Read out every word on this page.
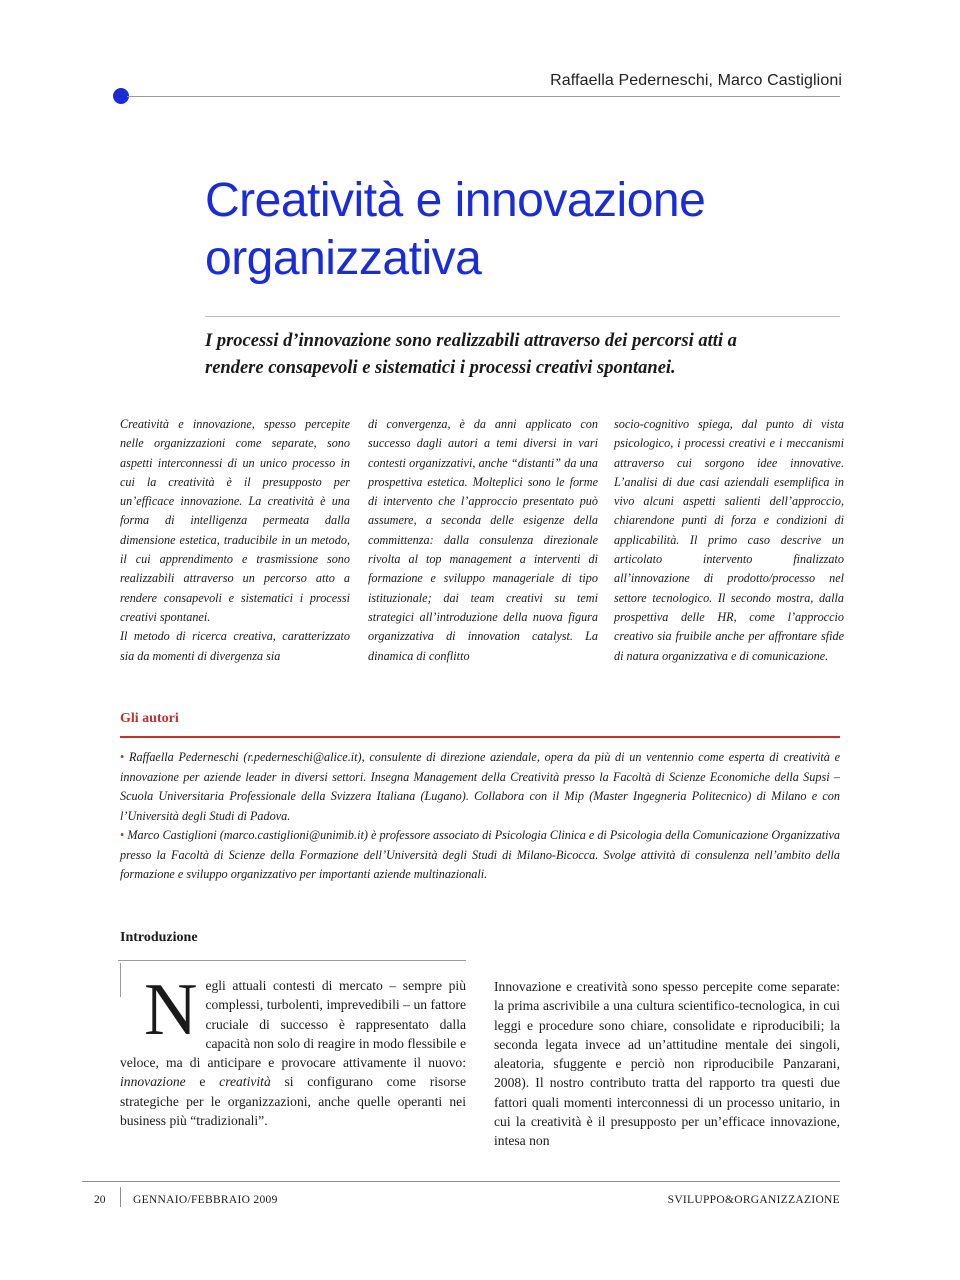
Raffaella Pederneschi, Marco Castiglioni
Creatività e innovazione
organizzativa

I processi d’innovazione sono realizzabili attraverso dei percorsi atti a
rendere consapevoli e sistematici i processi creativi spontanei.

Creatività e innovazione, spesso percepite nelle organizzazioni come separate, sono aspetti interconnessi di un unico processo in cui la creatività è il presupposto per un’efficace innovazione. La creatività è una forma di intelligenza permeata dalla dimensione estetica, traducibile in un metodo, il cui apprendimento e trasmissione sono realizzabili attraverso un percorso atto a rendere consapevoli e sistematici i processi creativi spontanei.

Il metodo di ricerca creativa, caratterizzato sia da momenti di divergenza sia

di convergenza, è da anni applicato con successo dagli autori a temi diversi in vari contesti organizzativi, anche “distanti” da una prospettiva estetica. Molteplici sono le forme di intervento che l’approccio presentato può assumere, a seconda delle esigenze della committenza: dalla consulenza direzionale rivolta al top management a interventi di formazione e sviluppo manageriale di tipo istituzionale; dai team creativi su temi strategici all’introduzione della nuova figura organizzativa di innovation catalyst. La dinamica di conflitto

socio-cognitivo spiega, dal punto di vista psicologico, i processi creativi e i meccanismi attraverso cui sorgono idee innovative. L’analisi di due casi aziendali esemplifica in vivo alcuni aspetti salienti dell’approccio, chiarendone punti di forza e condizioni di applicabilità. Il primo caso descrive un articolato intervento finalizzato all’innovazione di prodotto/processo nel settore tecnologico. Il secondo mostra, dalla prospettiva delle HR, come l’approccio creativo sia fruibile anche per affrontare sfide di natura organizzativa e di comunicazione.

Gli autori

• Raffaella Pederneschi (r.pederneschi@alice.it), consulente di direzione aziendale, opera da più di un ventennio come esperta di creatività e innovazione per aziende leader in diversi settori. Insegna Management della Creatività presso la Facoltà di Scienze Economiche della Supsi – Scuola Universitaria Professionale della Svizzera Italiana (Lugano). Collabora con il Mip (Master Ingegneria Politecnico) di Milano e con l’Università degli Studi di Padova.

• Marco Castiglioni (marco.castiglioni@unimib.it) è professore associato di Psicologia Clinica e di Psicologia della Comunicazione Organizzativa presso la Facoltà di Scienze della Formazione dell’Università degli Studi di Milano-Bicocca. Svolge attività di consulenza nell’ambito della formazione e sviluppo organizzativo per importanti aziende multinazionali.

Introduzione

Negli attuali contesti di mercato – sempre più complessi, turbolenti, imprevedibili – un fattore cruciale di successo è rappresentato dalla capacità non solo di reagire in modo flessibile e veloce, ma di anticipare e provocare attivamente il nuovo: innovazione e creatività si configurano come risorse strategiche per le organizzazioni, anche quelle operanti nei business più “tradizionali”.

Innovazione e creatività sono spesso percepite come separate: la prima ascrivibile a una cultura scientifico-tecnologica, in cui leggi e procedure sono chiare, consolidate e riproducibili; la seconda legata invece ad un’attitudine mentale dei singoli, aleatoria, sfuggente e perciò non riproducibile Panzarani, 2008). Il nostro contributo tratta del rapporto tra questi due fattori quali momenti interconnessi di un processo unitario, in cui la creatività è il presupposto per un’efficace innovazione, intesa non

20 GENNAIO/FEBBRAIO 2009	SVILUPPO&ORGANIZZAZIONE
